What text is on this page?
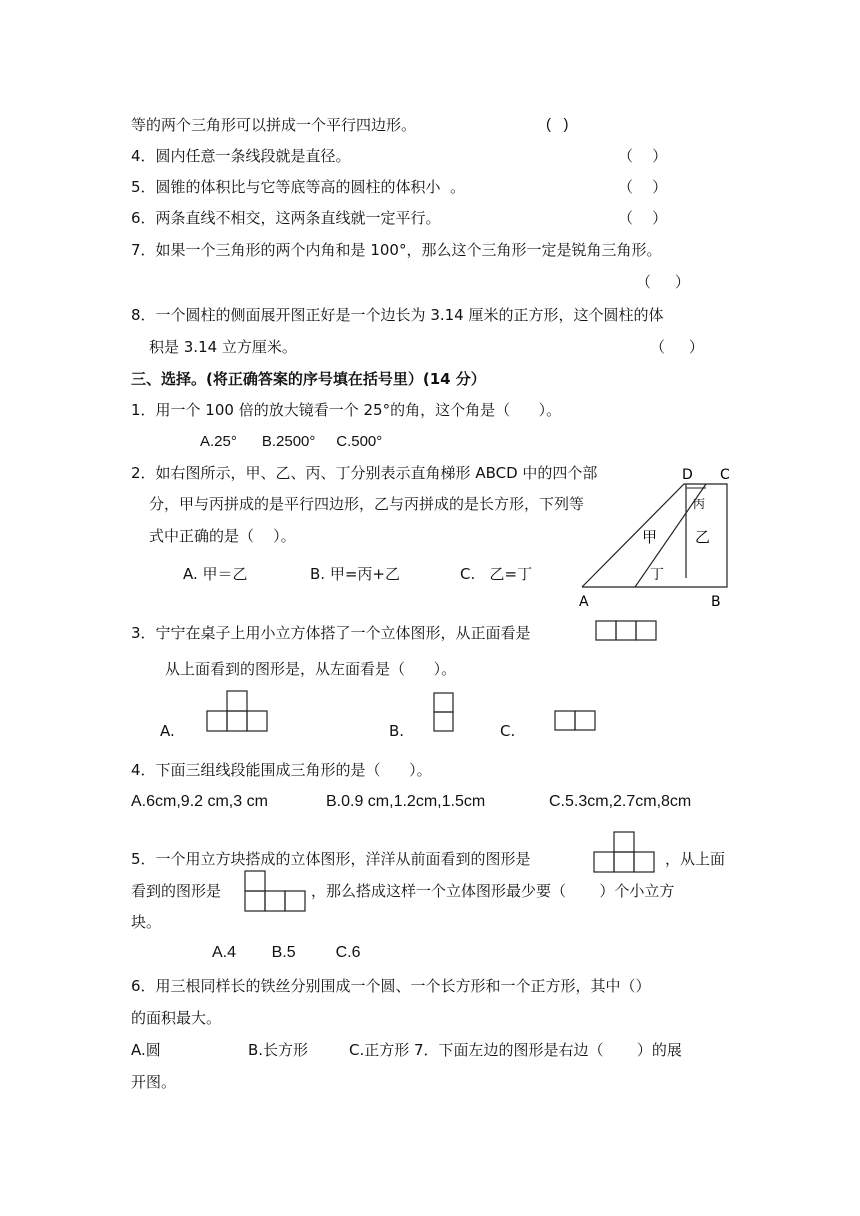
等的两个三角形可以拼成一个平行四边形。	(   )
4．圆内任意一条线段就是直径。	（    ）
5．圆锥的体积比与它等底等高的圆柱的体积小  。	（    ）
6．两条直线不相交，这两条直线就一定平行。	（    ）
7．如果一个三角形的两个内角和是 100°，那么这个三角形一定是锐角三角形。
（     ）
8．一个圆柱的侧面展开图正好是一个边长为 3.14 厘米的正方形，这个圆柱的体
积是 3.14 立方厘米。	（     ）
三、选择。(将正确答案的序号填在括号里）(14 分）
1．用一个 100 倍的放大镜看一个 25°的角，这个角是（      ）。
A.25°      B.2500°     C.500°
2．如右图所示，甲、乙、丙、丁分别表示直角梯形 ABCD 中的四个部
分，甲与丙拼成的是平行四边形，乙与丙拼成的是长方形，下列等
式中正确的是（    ）。
A. 甲＝乙	B. 甲=丙+乙	C.   乙=丁
D C
A	B
丙
甲	乙
丁
3．宁宁在桌子上用小立方体搭了一个立体图形，从正面看是
从上面看到的图形是，从左面看是（      ）。
A.	B.	C.
4．下面三组线段能围成三角形的是（      ）。
A.6cm,9.2 cm,3 cm	B.0.9 cm,1.2cm,1.5cm	C.5.3cm,2.7cm,8cm
5．一个用立方块搭成的立体图形，洋洋从前面看到的图形是	，从上面
看到的图形是	，那么搭成这样一个立体图形最少要（       ）个小立方
块。
A.4        B.5         C.6
6．用三根同样长的铁丝分别围成一个圆、一个长方形和一个正方形，其中（）
的面积最大。
A.圆	B.长方形	C.正方形 7．下面左边的图形是右边（       ）的展
开图。
